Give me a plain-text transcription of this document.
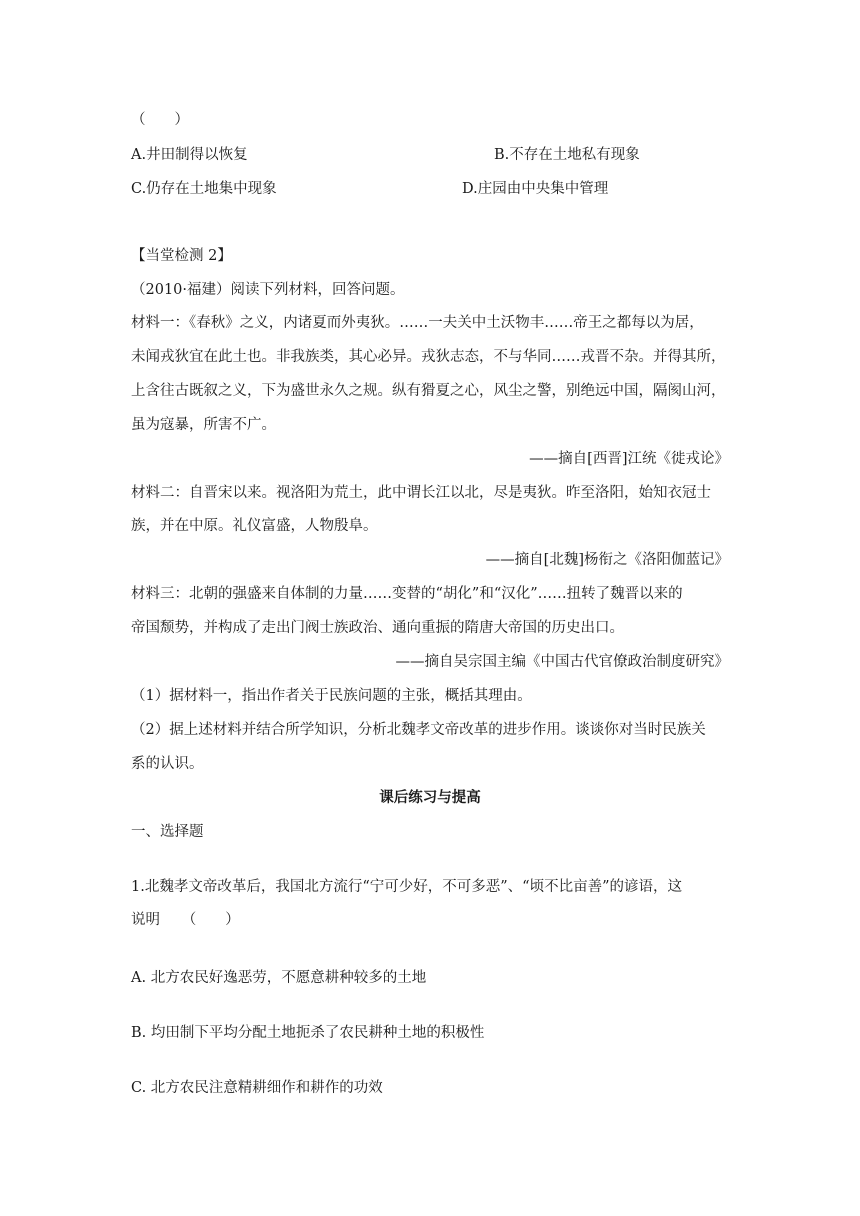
（　　）
A.井田制得以恢复	B.不存在土地私有现象
C.仍存在土地集中现象	D.庄园由中央集中管理
【当堂检测 2】
（2010·福建）阅读下列材料，回答问题。
材料一：《春秋》之义，内诸夏而外夷狄。……一夫关中土沃物丰……帝王之都每以为居，
未闻戎狄宜在此土也。非我族类，其心必异。戎狄志态，不与华同……戎晋不杂。并得其所，
上含往古既叙之义，下为盛世永久之规。纵有猾夏之心，风尘之警，别绝远中国，隔阂山河，
虽为寇暴，所害不广。
——摘自[西晋]江统《徙戎论》
材料二：自晋宋以来。视洛阳为荒土，此中谓长江以北，尽是夷狄。昨至洛阳，始知衣冠士
族，并在中原。礼仪富盛，人物殷阜。
——摘自[北魏]杨衔之《洛阳伽蓝记》
材料三：北朝的强盛来自体制的力量……变替的“胡化”和“汉化”……扭转了魏晋以来的
帝国颓势，并构成了走出门阀士族政治、通向重振的隋唐大帝国的历史出口。
——摘自吴宗国主编《中国古代官僚政治制度研究》
（1）据材料一，指出作者关于民族问题的主张，概括其理由。
（2）据上述材料并结合所学知识，分析北魏孝文帝改革的进步作用。谈谈你对当时民族关
系的认识。
课后练习与提高
一、选择题
1.北魏孝文帝改革后，我国北方流行“宁可少好，不可多恶”、“顷不比亩善”的谚语，这
说明　　（　　）
A. 北方农民好逸恶劳，不愿意耕种较多的土地
B. 均田制下平均分配土地扼杀了农民耕种土地的积极性
C. 北方农民注意精耕细作和耕作的功效
